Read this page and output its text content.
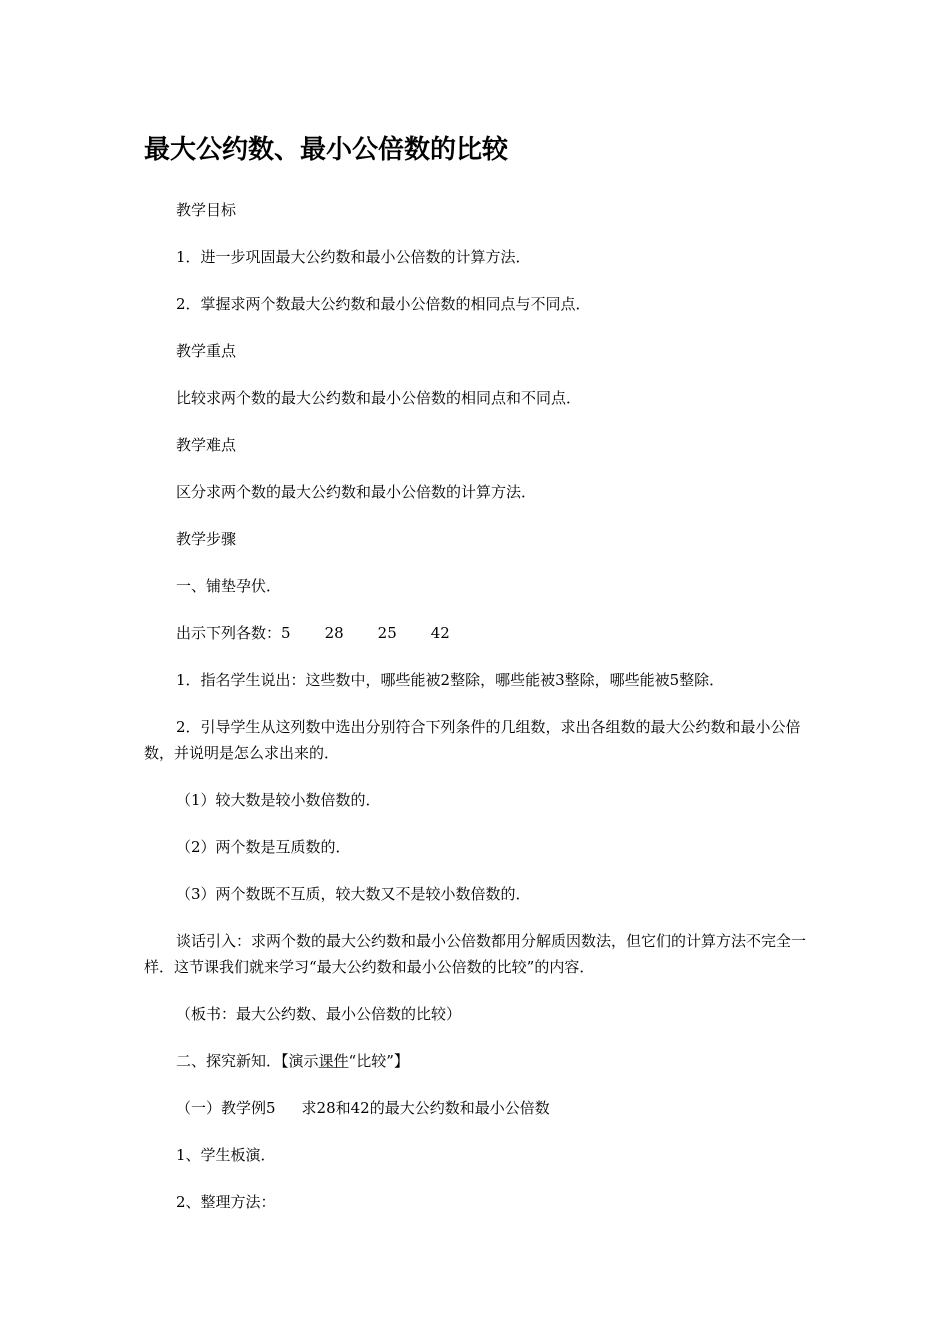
最大公约数、最小公倍数的比较

教学目标

1．进一步巩固最大公约数和最小公倍数的计算方法．

2．掌握求两个数最大公约数和最小公倍数的相同点与不同点．

教学重点

比较求两个数的最大公约数和最小公倍数的相同点和不同点．

教学难点

区分求两个数的最大公约数和最小公倍数的计算方法．

教学步骤

一、铺垫孕伏．

出示下列各数：5 28 25 42

1．指名学生说出：这些数中，哪些能被2整除，哪些能被3整除，哪些能被5整除．

2．引导学生从这列数中选出分别符合下列条件的几组数，求出各组数的最大公约数和最小公倍数，并说明是怎么求出来的．

（1）较大数是较小数倍数的．

（2）两个数是互质数的．

（3）两个数既不互质，较大数又不是较小数倍数的．

谈话引入：求两个数的最大公约数和最小公倍数都用分解质因数法，但它们的计算方法不完全一样．这节课我们就来学习“最大公约数和最小公倍数的比较”的内容．

（板书：最大公约数、最小公倍数的比较）

二、探究新知．【演示课件“比较”】

（一）教学例5 求28和42的最大公约数和最小公倍数

1、学生板演．

2、整理方法：
